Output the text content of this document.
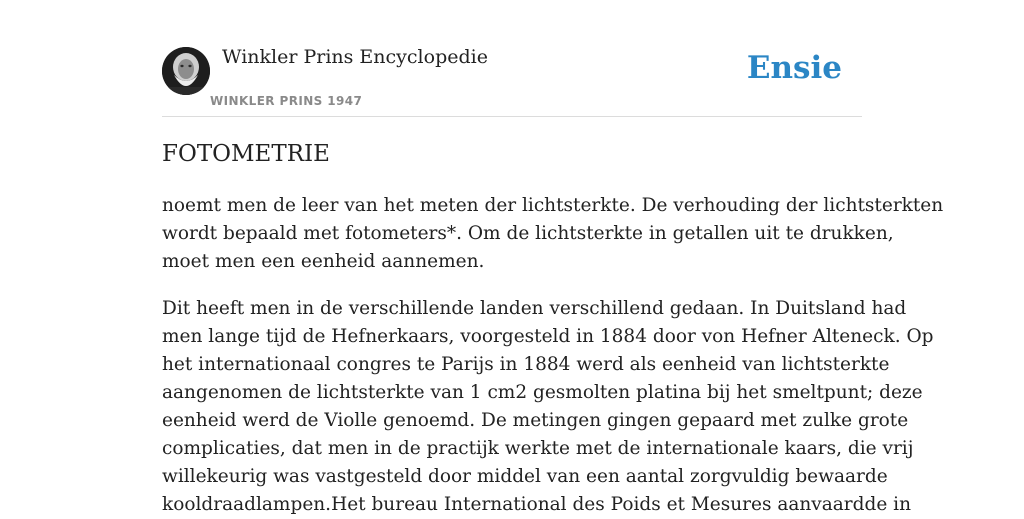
Winkler Prins Encyclopedie
WINKLER PRINS 1947
Ensie
FOTOMETRIE

noemt men de leer van het meten der lichtsterkte. De verhouding der lichtsterkten
wordt bepaald met fotometers*. Om de lichtsterkte in getallen uit te drukken,
moet men een eenheid aannemen.

Dit heeft men in de verschillende landen verschillend gedaan. In Duitsland had
men lange tijd de Hefnerkaars, voorgesteld in 1884 door von Hefner Alteneck. Op
het internationaal congres te Parijs in 1884 werd als eenheid van lichtsterkte
aangenomen de lichtsterkte van 1 cm2 gesmolten platina bij het smeltpunt; deze
eenheid werd de Violle genoemd. De metingen gingen gepaard met zulke grote
complicaties, dat men in de practijk werkte met de internationale kaars, die vrij
willekeurig was vastgesteld door middel van een aantal zorgvuldig bewaarde
kooldraadlampen.Het bureau International des Poids et Mesures aanvaardde in
